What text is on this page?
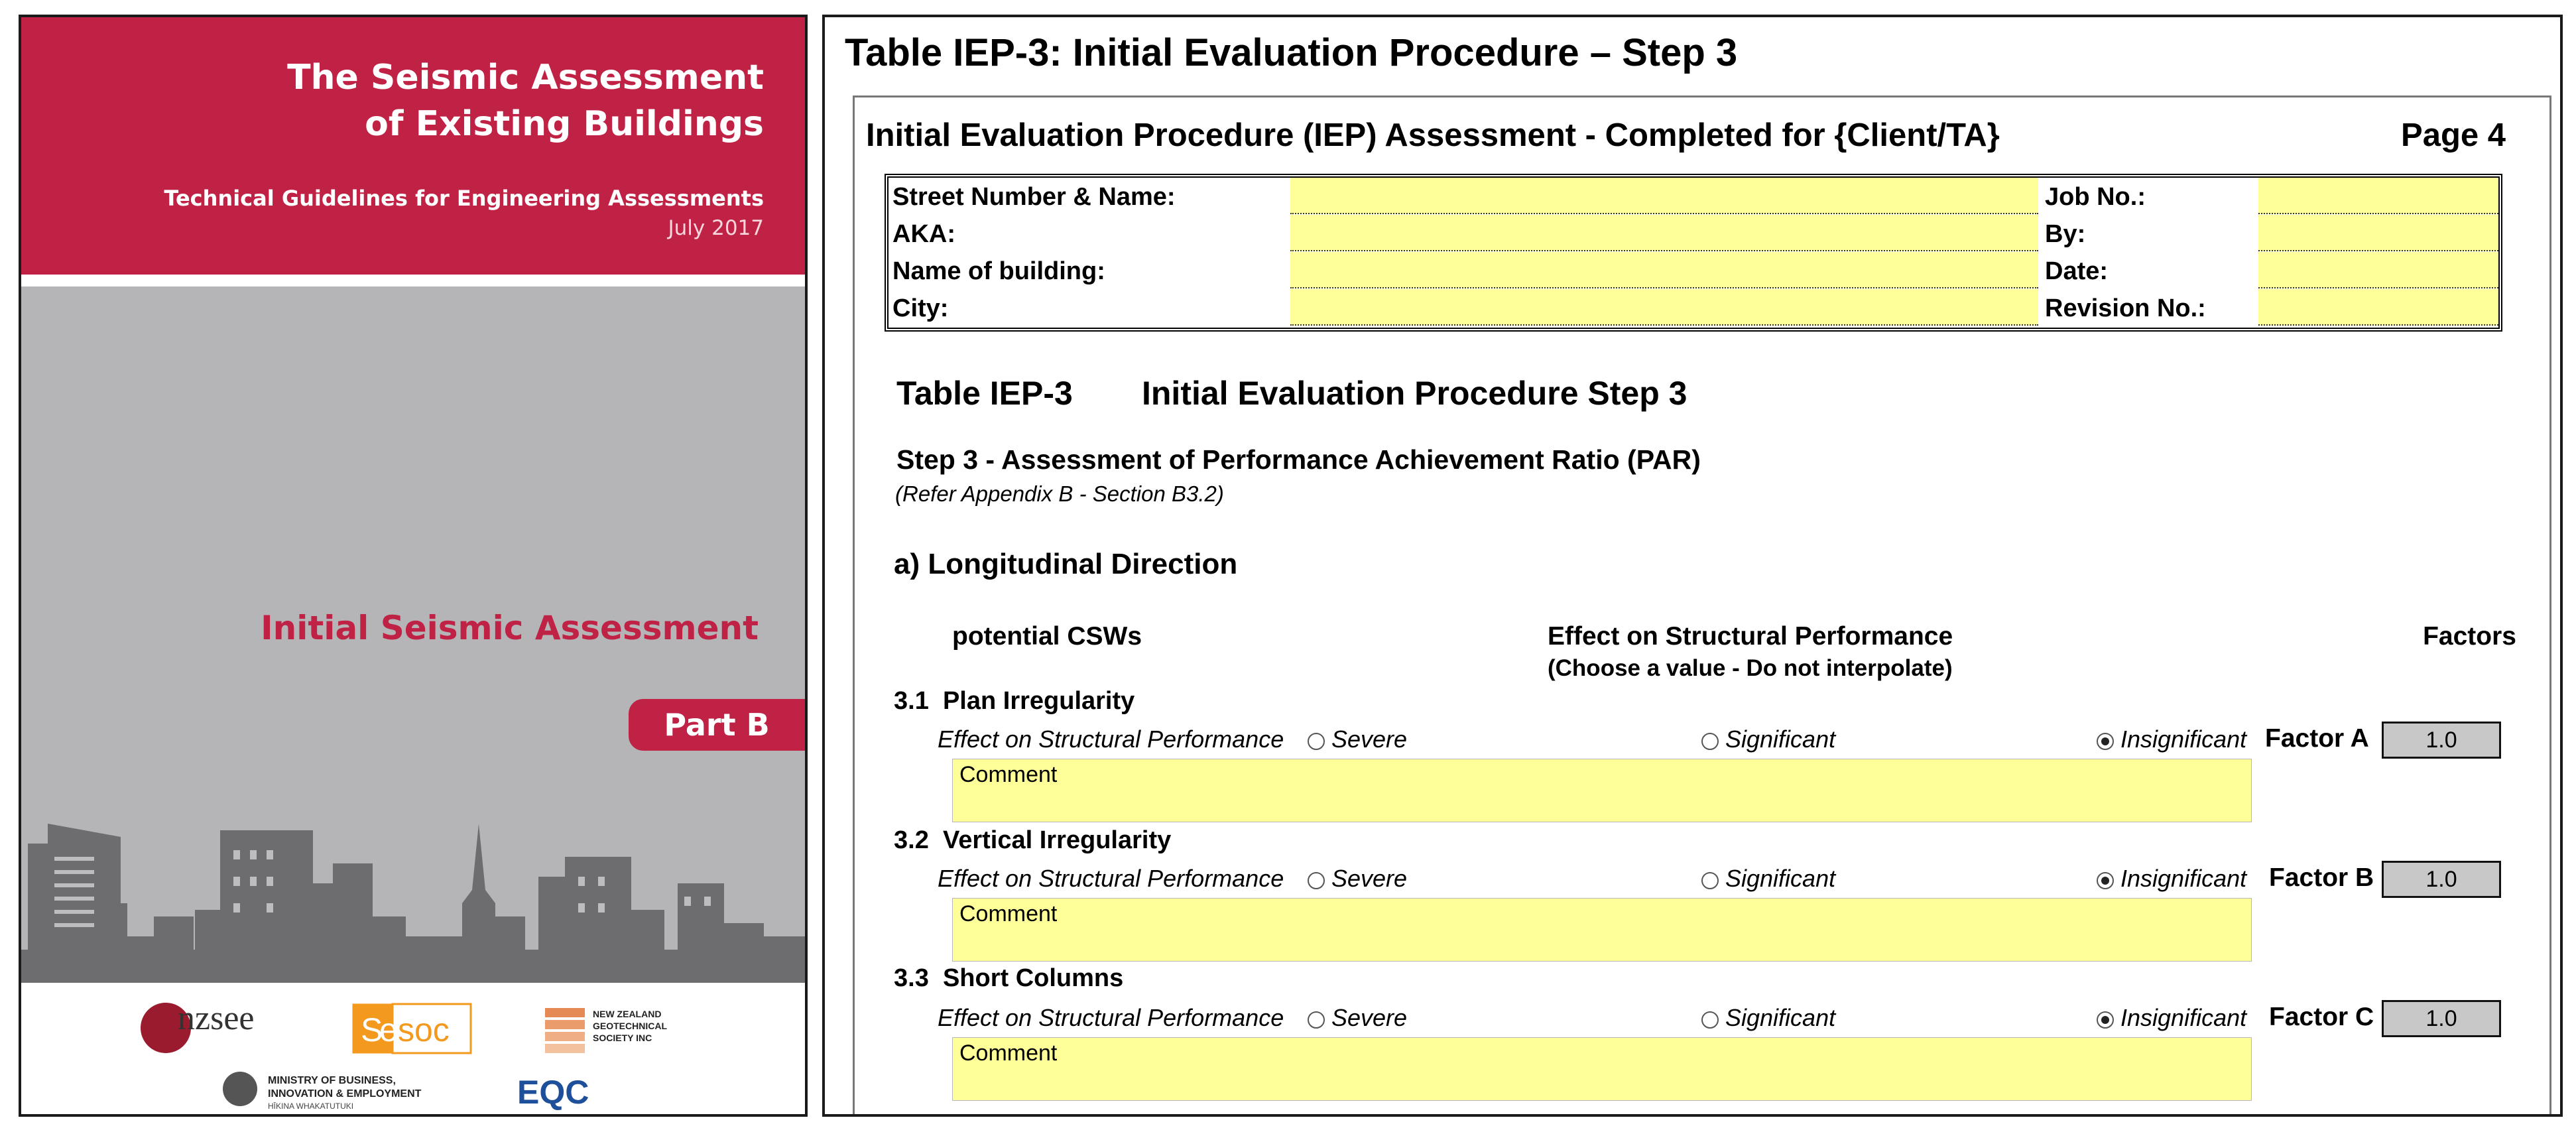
The Seismic Assessment
of Existing Buildings
Technical Guidelines for Engineering Assessments
July 2017
Initial Seismic Assessment
Part B
nzsee	S
e soc	NEW ZEALAND
GEOTECHNICAL
SOCIETY INC
MINISTRY OF BUSINESS,
INNOVATION & EMPLOYMENT
HĪKINA WHAKATUTUKI	EQC
Table IEP-3: Initial Evaluation Procedure – Step 3
Initial Evaluation Procedure (IEP) Assessment - Completed for {Client/TA}	Page 4
Street Number & Name:	Job No.:
AKA:	By:
Name of building:	Date:
City:	Revision No.:
Table IEP-3 Initial Evaluation Procedure Step 3
Step 3 - Assessment of Performance Achievement Ratio (PAR)
(Refer Appendix B - Section B3.2)
a) Longitudinal Direction
potential CSWs	Effect on Structural Performance
(Choose a value - Do not interpolate)
Factors
3.1 Plan Irregularity
Effect on Structural Performance Severe	Significant	Insignificant Factor A	1.0
Comment
3.2 Vertical Irregularity
Effect on Structural Performance Severe	Significant	Insignificant Factor B	1.0
Comment
3.3 Short Columns
Effect on Structural Performance Severe	Significant	Insignificant Factor C	1.0
Comment
